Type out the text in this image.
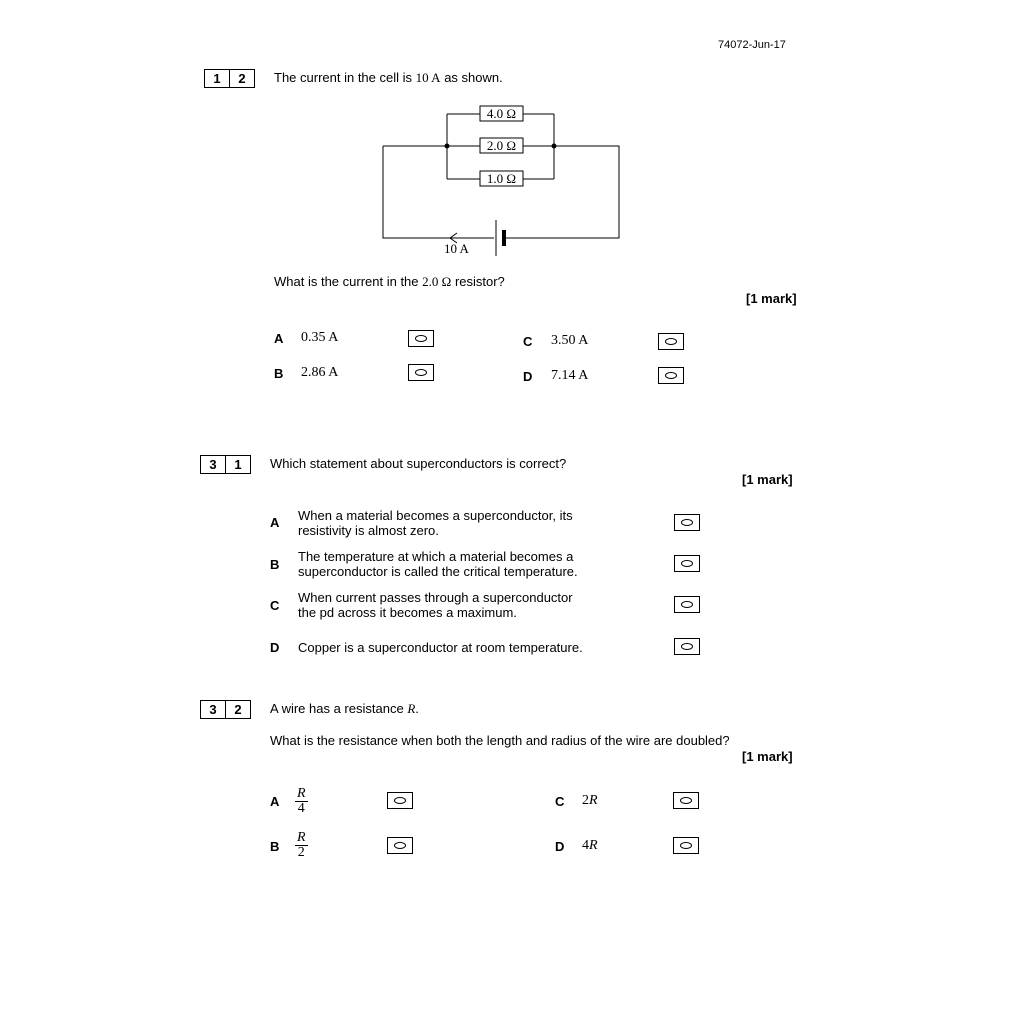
74072-Jun-17
1	2	The current in the cell is 10 A as shown.
4.0 Ω
2.0 Ω
1.0 Ω
10 A
What is the current in the 2.0 Ω resistor?
[1 mark]
A 0.35 A
B 2.86 A
C 3.50 A
D 7.14 A
3	1	Which statement about superconductors is correct?
[1 mark]
A When a material becomes a superconductor, its
resistivity is almost zero.
B
The temperature at which a material becomes a
superconductor is called the critical temperature.
C
When current passes through a superconductor
the pd across it becomes a maximum.
D Copper is a superconductor at room temperature.
3	2	A wire has a resistance R.
What is the resistance when both the length and radius of the wire are doubled?
[1 mark]
A $\frac{R}{4}$
B $\frac{R}{2}$
C 2R
D 4R
